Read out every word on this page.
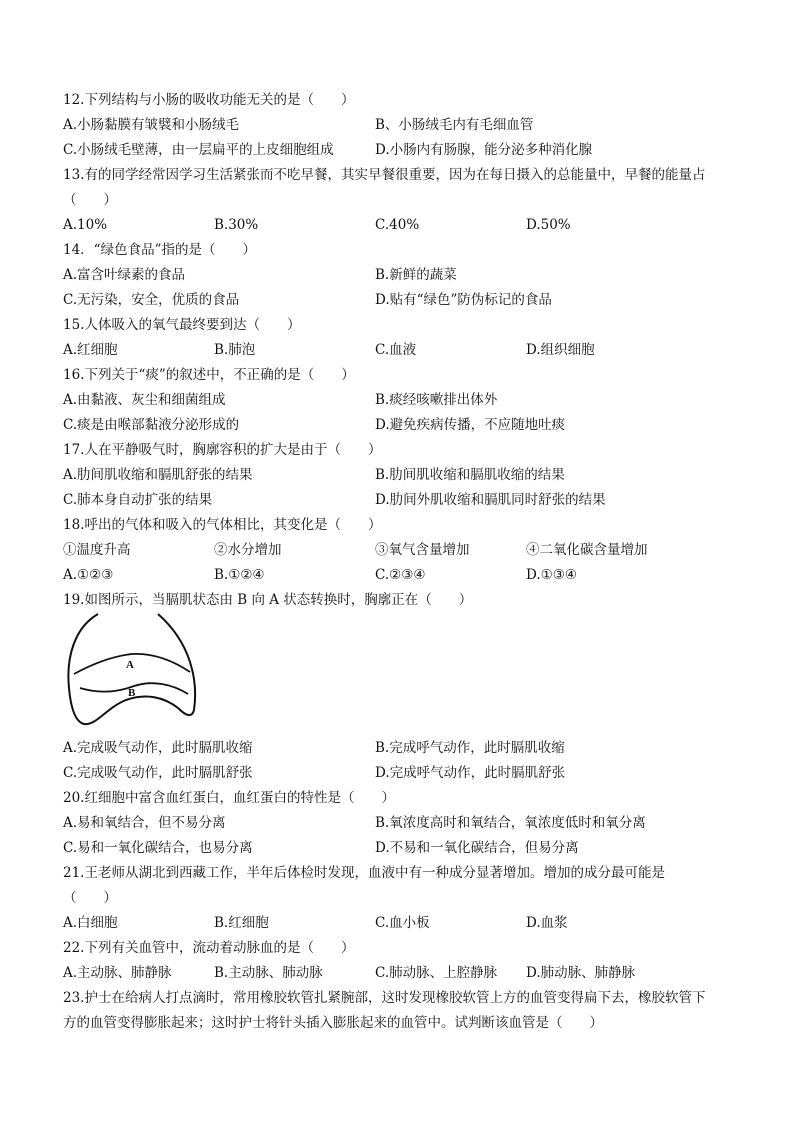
12.下列结构与小肠的吸收功能无关的是（　　）
A.小肠黏膜有皱襞和小肠绒毛	B、小肠绒毛内有毛细血管
C.小肠绒毛壁薄，由一层扁平的上皮细胞组成	D.小肠内有肠腺，能分泌多种消化腺
13.有的同学经常因学习生活紧张而不吃早餐，其实早餐很重要，因为在每日摄入的总能量中，早餐的能量占
（　　）
A.10%	B.30%	C.40%	D.50%
14．“绿色食品”指的是（　　）
A.富含叶绿素的食品	B.新鲜的蔬菜
C.无污染，安全，优质的食品	D.贴有“绿色”防伪标记的食品
15.人体吸入的氧气最终要到达（　　）
A.红细胞	B.肺泡	C.血液	D.组织细胞
16.下列关于“痰”的叙述中，不正确的是（　　）
A.由黏液、灰尘和细菌组成	B.痰经咳嗽排出体外
C.痰是由喉部黏液分泌形成的	D.避免疾病传播，不应随地吐痰
17.人在平静吸气时，胸廓容积的扩大是由于（　　）
A.肋间肌收缩和膈肌舒张的结果	B.肋间肌收缩和膈肌收缩的结果
C.肺本身自动扩张的结果	D.肋间外肌收缩和膈肌同时舒张的结果
18.呼出的气体和吸入的气体相比，其变化是（　　）
①温度升高	②水分增加	③氧气含量增加	④二氧化碳含量增加
A.①②③	B.①②④	C.②③④	D.①③④
19.如图所示，当膈肌状态由 B 向 A 状态转换时，胸廓正在（　　）
A
B
A.完成吸气动作，此时膈肌收缩	B.完成呼气动作，此时膈肌收缩
C.完成吸气动作，此时膈肌舒张	D.完成呼气动作，此时膈肌舒张
20.红细胞中富含血红蛋白，血红蛋白的特性是（　　）
A.易和氧结合，但不易分离	B.氧浓度高时和氧结合，氧浓度低时和氧分离
C.易和一氧化碳结合，也易分离	D.不易和一氧化碳结合，但易分离
21.王老师从湖北到西藏工作，半年后体检时发现，血液中有一种成分显著增加。增加的成分最可能是
（　　）
A.白细胞	B.红细胞	C.血小板	D.血浆
22.下列有关血管中，流动着动脉血的是（　　）
A.主动脉、肺静脉	B.主动脉、肺动脉	C.肺动脉、上腔静脉 D.肺动脉、肺静脉
23.护士在给病人打点滴时，常用橡胶软管扎紧腕部，这时发现橡胶软管上方的血管变得扁下去，橡胶软管下
方的血管变得膨胀起来；这时护士将针头插入膨胀起来的血管中。试判断该血管是（　　）
